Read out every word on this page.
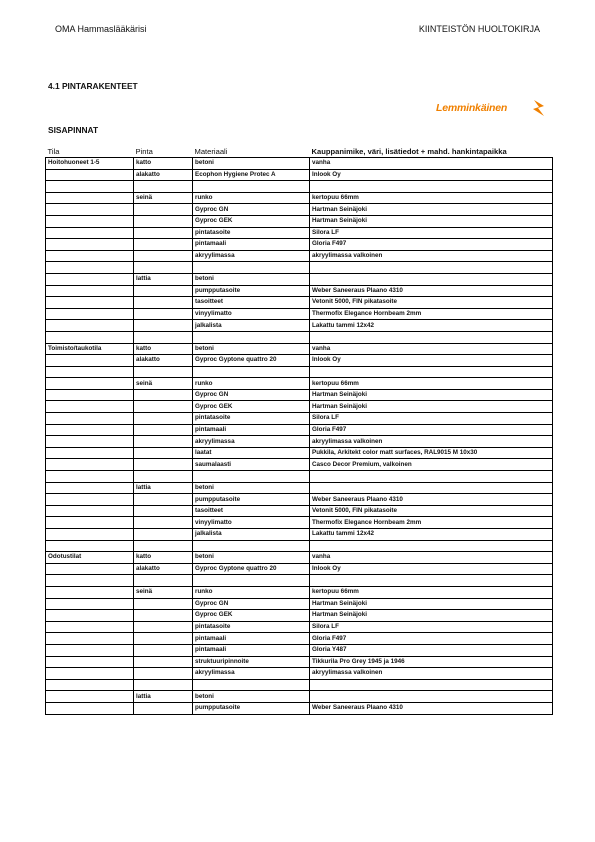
OMA Hammaslääkärisi	KIINTEISTÖN HUOLTOKIRJA
4.1 PINTARAKENTEET
Lemminkäinen
SISAPINNAT
Tila	Pinta	Materiaali	Kauppanimike, väri, lisätiedot + mahd. hankintapaikka
Hoitohuoneet 1-5	katto	betoni	vanha
	alakatto	Ecophon Hygiene Protec A	Inlook Oy

	seinä	runko	kertopuu 66mm
		Gyproc GN	Hartman Seinäjoki
		Gyproc GEK	Hartman Seinäjoki
		pintatasoite	Silora LF
		pintamaali	Gloria F497
		akryylimassa	akryylimassa valkoinen

	lattia	betoni	
		pumpputasoite	Weber Saneeraus Plaano 4310
		tasoitteet	Vetonit 5000, FIN pikatasoite
		vinyylimatto	Thermofix Elegance Hornbeam 2mm
		jalkalista	Lakattu tammi 12x42

Toimisto/taukotila	katto	betoni	vanha
	alakatto	Gyproc Gyptone quattro 20	Inlook Oy

	seinä	runko	kertopuu 66mm
		Gyproc GN	Hartman Seinäjoki
		Gyproc GEK	Hartman Seinäjoki
		pintatasoite	Silora LF
		pintamaali	Gloria F497
		akryylimassa	akryylimassa valkoinen
		laatat	Pukkila, Arkitekt color matt surfaces, RAL9015 M 10x30
		saumalaasti	Casco Decor Premium, valkoinen

	lattia	betoni	
		pumpputasoite	Weber Saneeraus Plaano 4310
		tasoitteet	Vetonit 5000, FIN pikatasoite
		vinyylimatto	Thermofix Elegance Hornbeam 2mm
		jalkalista	Lakattu tammi 12x42

Odotustilat	katto	betoni	vanha
	alakatto	Gyproc Gyptone quattro 20	Inlook Oy

	seinä	runko	kertopuu 66mm
		Gyproc GN	Hartman Seinäjoki
		Gyproc GEK	Hartman Seinäjoki
		pintatasoite	Silora LF
		pintamaali	Gloria F497
		pintamaali	Gloria Y487
		struktuuripinnoite	Tikkurila Pro Grey 1945 ja 1946
		akryylimassa	akryylimassa valkoinen

	lattia	betoni	
		pumpputasoite	Weber Saneeraus Plaano 4310
